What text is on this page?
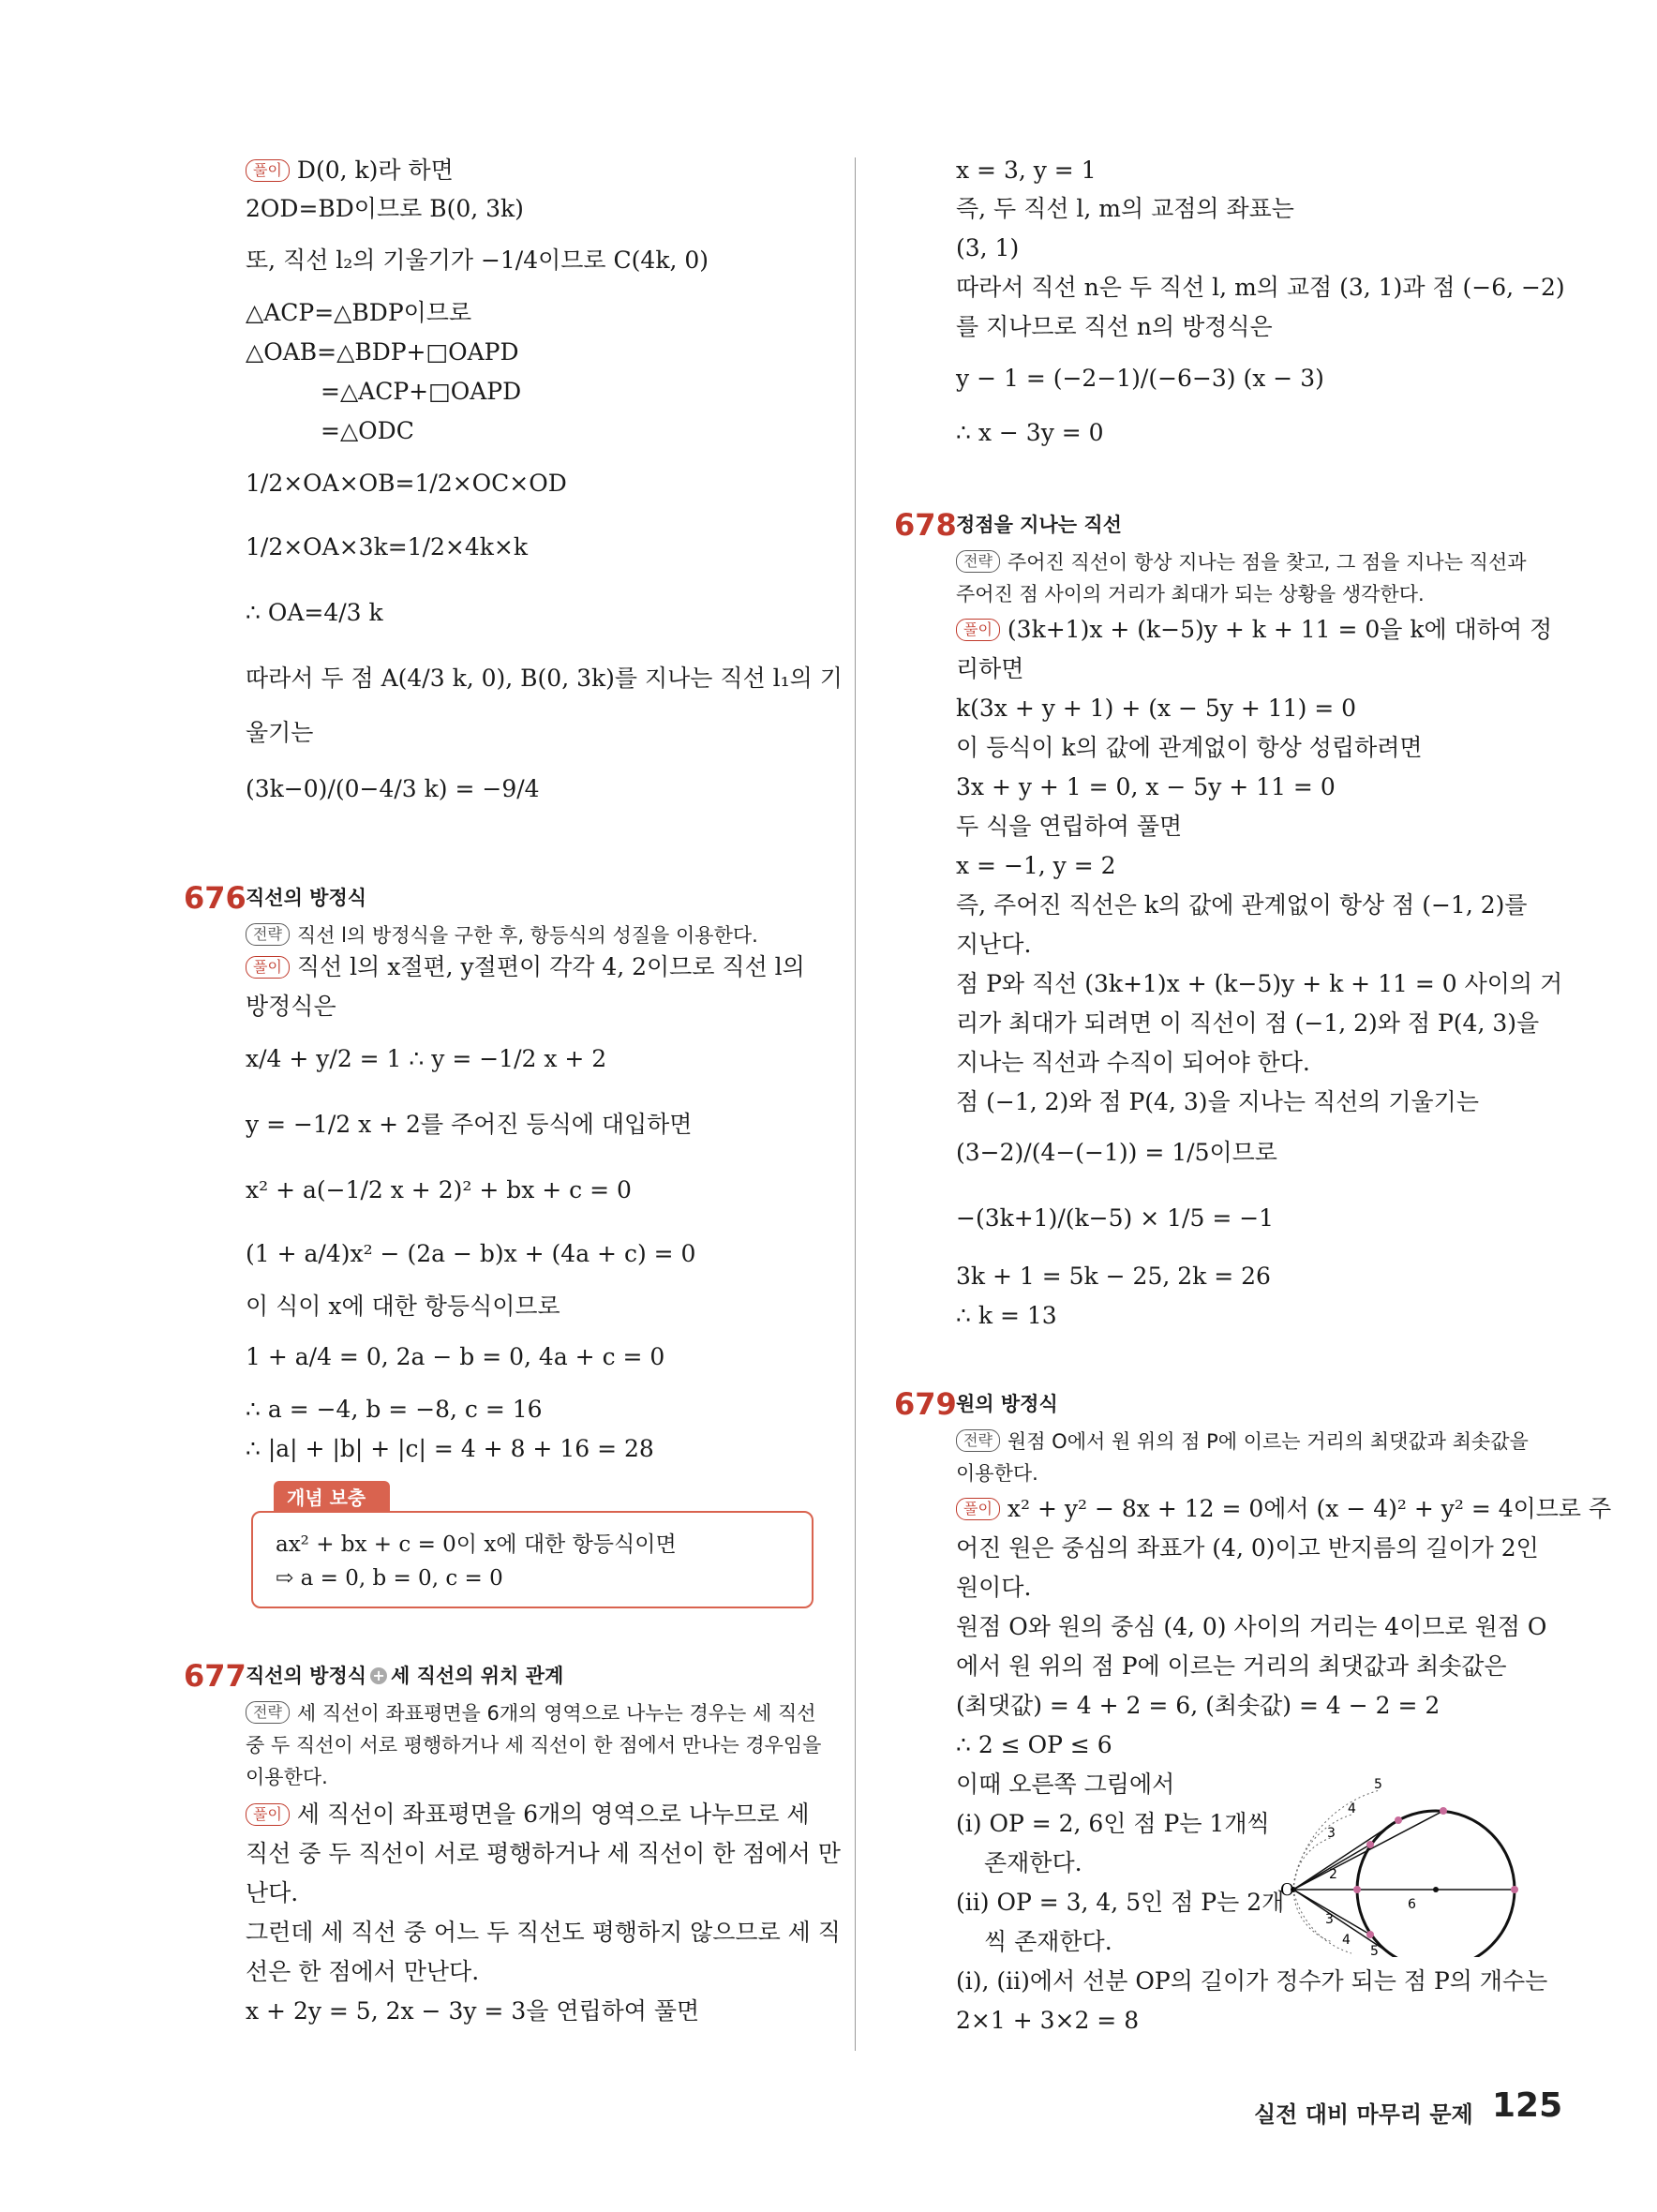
풀이 D(0, k)라 하면
2OD=BD이므로 B(0, 3k)
또, 직선 l₂의 기울기가 −1/4이므로 C(4k, 0)
△ACP=△BDP이므로
△OAB=△BDP+□OAPD
=△ACP+□OAPD
=△ODC
1/2×OA×OB=1/2×OC×OD
1/2×OA×3k=1/2×4k×k
∴ OA=4/3 k
따라서 두 점 A(4/3 k, 0), B(0, 3k)를 지나는 직선 l₁의 기
울기는
(3k−0)/(0−4/3 k) = −9/4
676 직선의 방정식
전략 직선 l의 방정식을 구한 후, 항등식의 성질을 이용한다.
풀이 직선 l의 x절편, y절편이 각각 4, 2이므로 직선 l의
방정식은
x/4 + y/2 = 1 ∴ y = −1/2 x + 2
y = −1/2 x + 2를 주어진 등식에 대입하면
x² + a(−1/2 x + 2)² + bx + c = 0
(1 + a/4)x² − (2a − b)x + (4a + c) = 0
이 식이 x에 대한 항등식이므로
1 + a/4 = 0, 2a − b = 0, 4a + c = 0
∴ a = −4, b = −8, c = 16
∴ |a| + |b| + |c| = 4 + 8 + 16 = 28
개념 보충
ax² + bx + c = 0이 x에 대한 항등식이면
⇨ a = 0, b = 0, c = 0
677 직선의 방정식 + 세 직선의 위치 관계
전략 세 직선이 좌표평면을 6개의 영역으로 나누는 경우는 세 직선
중 두 직선이 서로 평행하거나 세 직선이 한 점에서 만나는 경우임을
이용한다.
풀이 세 직선이 좌표평면을 6개의 영역으로 나누므로 세
직선 중 두 직선이 서로 평행하거나 세 직선이 한 점에서 만
난다.
그런데 세 직선 중 어느 두 직선도 평행하지 않으므로 세 직
선은 한 점에서 만난다.
x + 2y = 5, 2x − 3y = 3을 연립하여 풀면
x = 3, y = 1
즉, 두 직선 l, m의 교점의 좌표는
(3, 1)
따라서 직선 n은 두 직선 l, m의 교점 (3, 1)과 점 (−6, −2)
를 지나므로 직선 n의 방정식은
y − 1 = (−2−1)/(−6−3) (x − 3)
∴ x − 3y = 0
678 정점을 지나는 직선
전략 주어진 직선이 항상 지나는 점을 찾고, 그 점을 지나는 직선과
주어진 점 사이의 거리가 최대가 되는 상황을 생각한다.
풀이 (3k+1)x + (k−5)y + k + 11 = 0을 k에 대하여 정
리하면
k(3x + y + 1) + (x − 5y + 11) = 0
이 등식이 k의 값에 관계없이 항상 성립하려면
3x + y + 1 = 0, x − 5y + 11 = 0
두 식을 연립하여 풀면
x = −1, y = 2
즉, 주어진 직선은 k의 값에 관계없이 항상 점 (−1, 2)를
지난다.
점 P와 직선 (3k+1)x + (k−5)y + k + 11 = 0 사이의 거
리가 최대가 되려면 이 직선이 점 (−1, 2)와 점 P(4, 3)을
지나는 직선과 수직이 되어야 한다.
점 (−1, 2)와 점 P(4, 3)을 지나는 직선의 기울기는
(3−2)/(4−(−1)) = 1/5이므로
−(3k+1)/(k−5) × 1/5 = −1
3k + 1 = 5k − 25, 2k = 26
∴ k = 13
679 원의 방정식
전략 원점 O에서 원 위의 점 P에 이르는 거리의 최댓값과 최솟값을
이용한다.
풀이 x² + y² − 8x + 12 = 0에서 (x − 4)² + y² = 4이므로 주
어진 원은 중심의 좌표가 (4, 0)이고 반지름의 길이가 2인
원이다.
원점 O와 원의 중심 (4, 0) 사이의 거리는 4이므로 원점 O
에서 원 위의 점 P에 이르는 거리의 최댓값과 최솟값은
(최댓값) = 4 + 2 = 6, (최솟값) = 4 − 2 = 2
∴ 2 ≤ OP ≤ 6
이때 오른쪽 그림에서
(ⅰ) OP = 2, 6인 점 P는 1개씩
존재한다.
(ⅱ) OP = 3, 4, 5인 점 P는 2개
씩 존재한다.
(ⅰ), (ⅱ)에서 선분 OP의 길이가 정수가 되는 점 P의 개수는
2×1 + 3×2 = 8
O
5
4
3
2
6
3
4
5
실전 대비 마무리 문제 125
